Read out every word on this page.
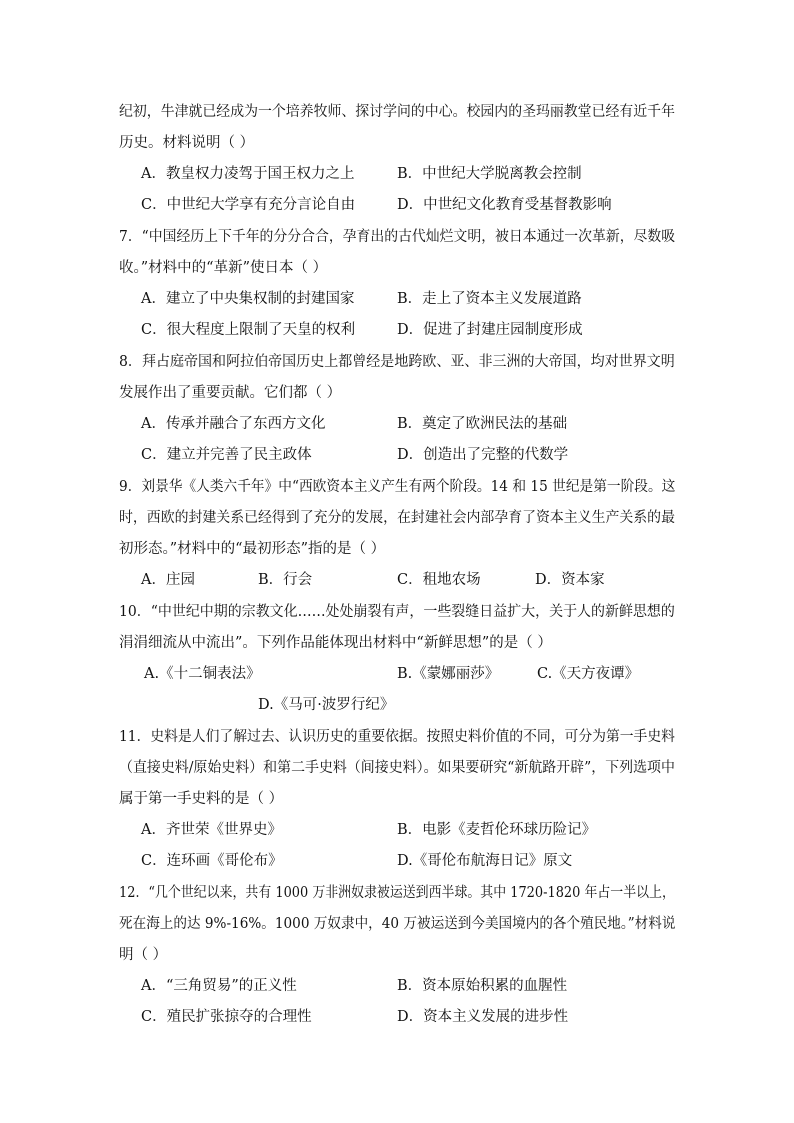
纪初，牛津就已经成为一个培养牧师、探讨学问的中心。校园内的圣玛丽教堂已经有近千年
历史。材料说明（ ）
A．教皇权力凌驾于国王权力之上	B．中世纪大学脱离教会控制
C．中世纪大学享有充分言论自由	D．中世纪文化教育受基督教影响
7．“中国经历上下千年的分分合合，孕育出的古代灿烂文明，被日本通过一次革新，尽数吸
收。”材料中的“革新”使日本（ ）
A．建立了中央集权制的封建国家	B．走上了资本主义发展道路
C．很大程度上限制了天皇的权利	D．促进了封建庄园制度形成
8．拜占庭帝国和阿拉伯帝国历史上都曾经是地跨欧、亚、非三洲的大帝国，均对世界文明
发展作出了重要贡献。它们都（ ）
A．传承并融合了东西方文化	B．奠定了欧洲民法的基础
C．建立并完善了民主政体	D．创造出了完整的代数学
9．刘景华《人类六千年》中“西欧资本主义产生有两个阶段。14 和 15 世纪是第一阶段。这
时，西欧的封建关系已经得到了充分的发展，在封建社会内部孕育了资本主义生产关系的最
初形态。”材料中的“最初形态”指的是（ ）
A．庄园	B．行会	C．租地农场	D．资本家
10．“中世纪中期的宗教文化……处处崩裂有声，一些裂缝日益扩大，关于人的新鲜思想的
涓涓细流从中流出”。下列作品能体现出材料中“新鲜思想”的是（ ）
A.《十二铜表法》	B.《蒙娜丽莎》	C.《天方夜谭》
D.《马可·波罗行纪》
11．史料是人们了解过去、认识历史的重要依据。按照史料价值的不同，可分为第一手史料
（直接史料/原始史料）和第二手史料（间接史料）。如果要研究“新航路开辟”，下列选项中
属于第一手史料的是（ ）
A．齐世荣《世界史》	B．电影《麦哲伦环球历险记》
C．连环画《哥伦布》	D.《哥伦布航海日记》原文
12．“几个世纪以来，共有 1000 万非洲奴隶被运送到西半球。其中 1720-1820 年占一半以上，
死在海上的达 9%-16%。1000 万奴隶中，40 万被运送到今美国境内的各个殖民地。”材料说
明（ ）
A．“三角贸易”的正义性	B．资本原始积累的血腥性
C．殖民扩张掠夺的合理性	D．资本主义发展的进步性
